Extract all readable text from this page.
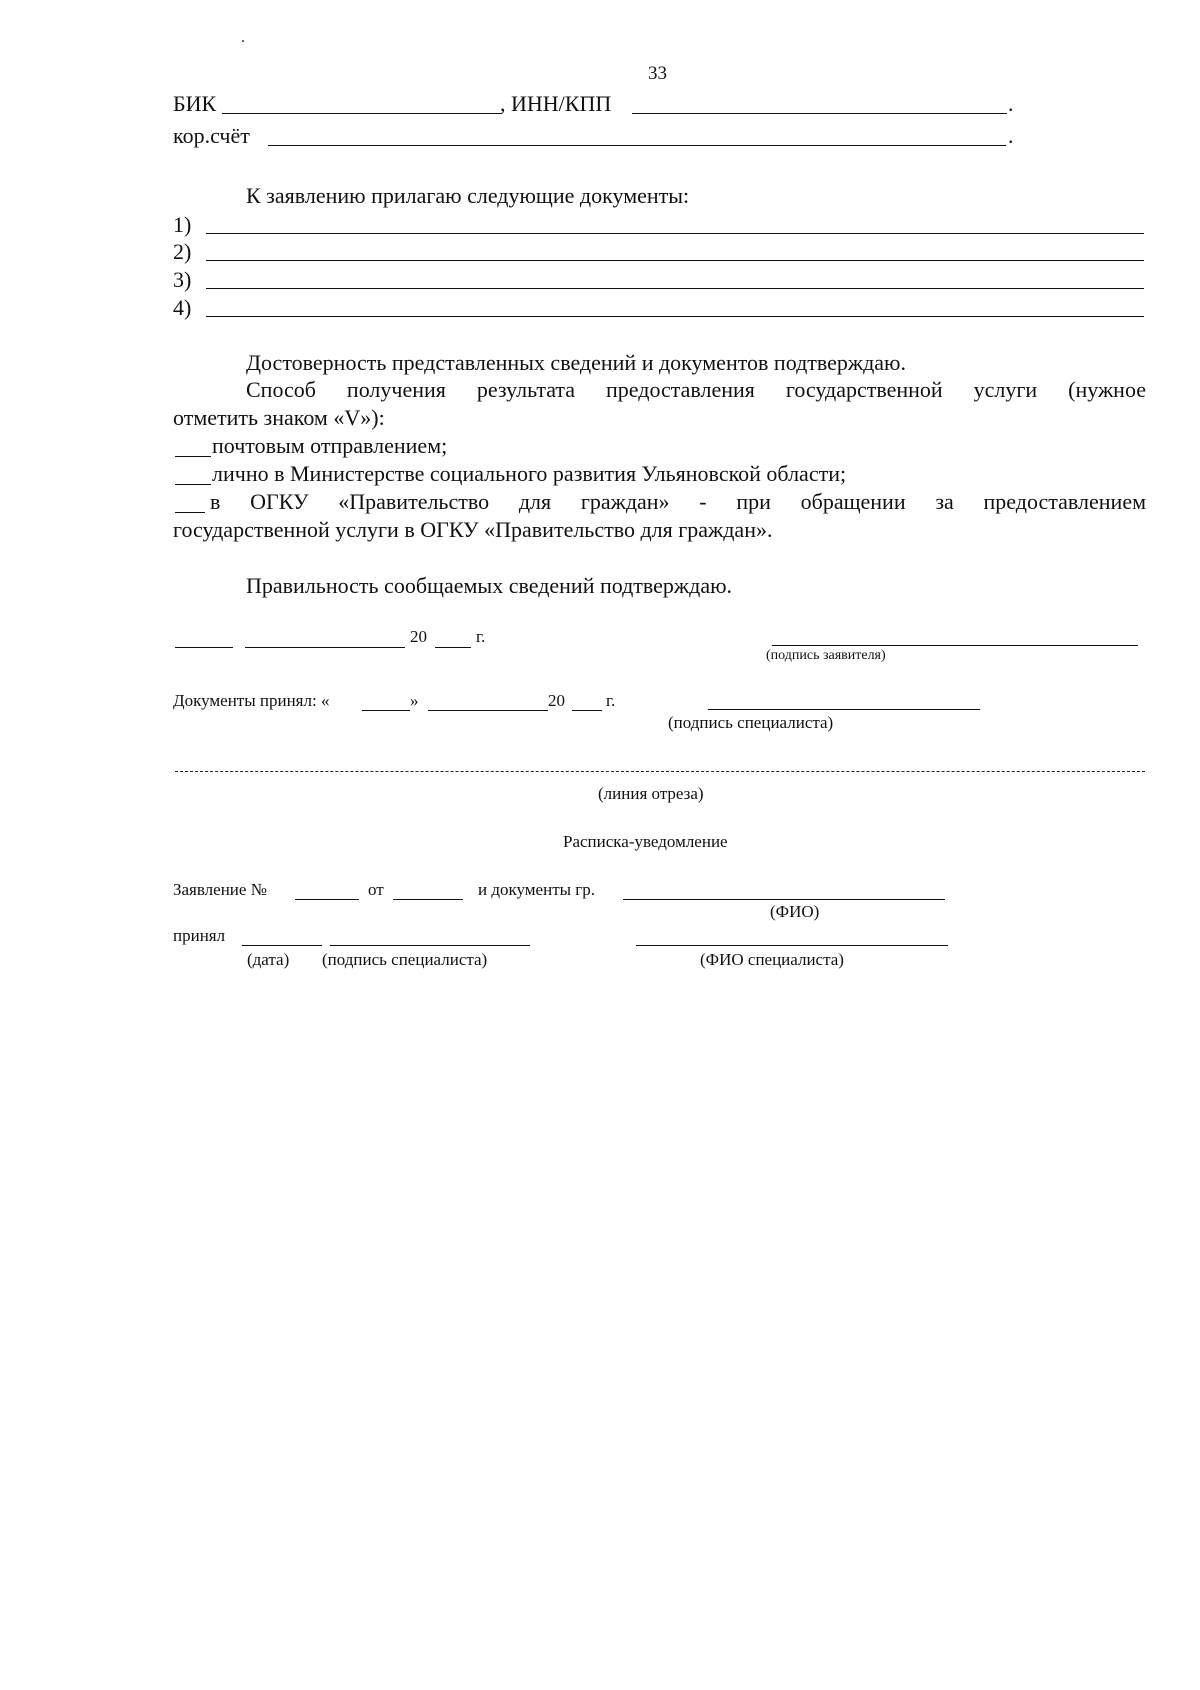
33
БИК	, ИНН/КПП	.
кор.счёт	.
К заявлению прилагаю следующие документы:
1)
2)
3)
4)
Достоверность представленных сведений и документов подтверждаю.
Способ получения результата предоставления государственной услуги (нужное
отметить знаком «V»):
почтовым отправлением;
лично в Министерстве социального развития Ульяновской области;
в ОГКУ «Правительство для граждан» - при обращении за предоставлением
государственной услуги в ОГКУ «Правительство для граждан».
Правильность сообщаемых сведений подтверждаю.
20	г.
(подпись заявителя)
Документы принял: «	»	20 г.
(подпись специалиста)
(линия отреза)
Расписка-уведомление
Заявление №	от	и документы гр.
(ФИО)
принял
(дата) (подпись специалиста)	(ФИО специалиста)
